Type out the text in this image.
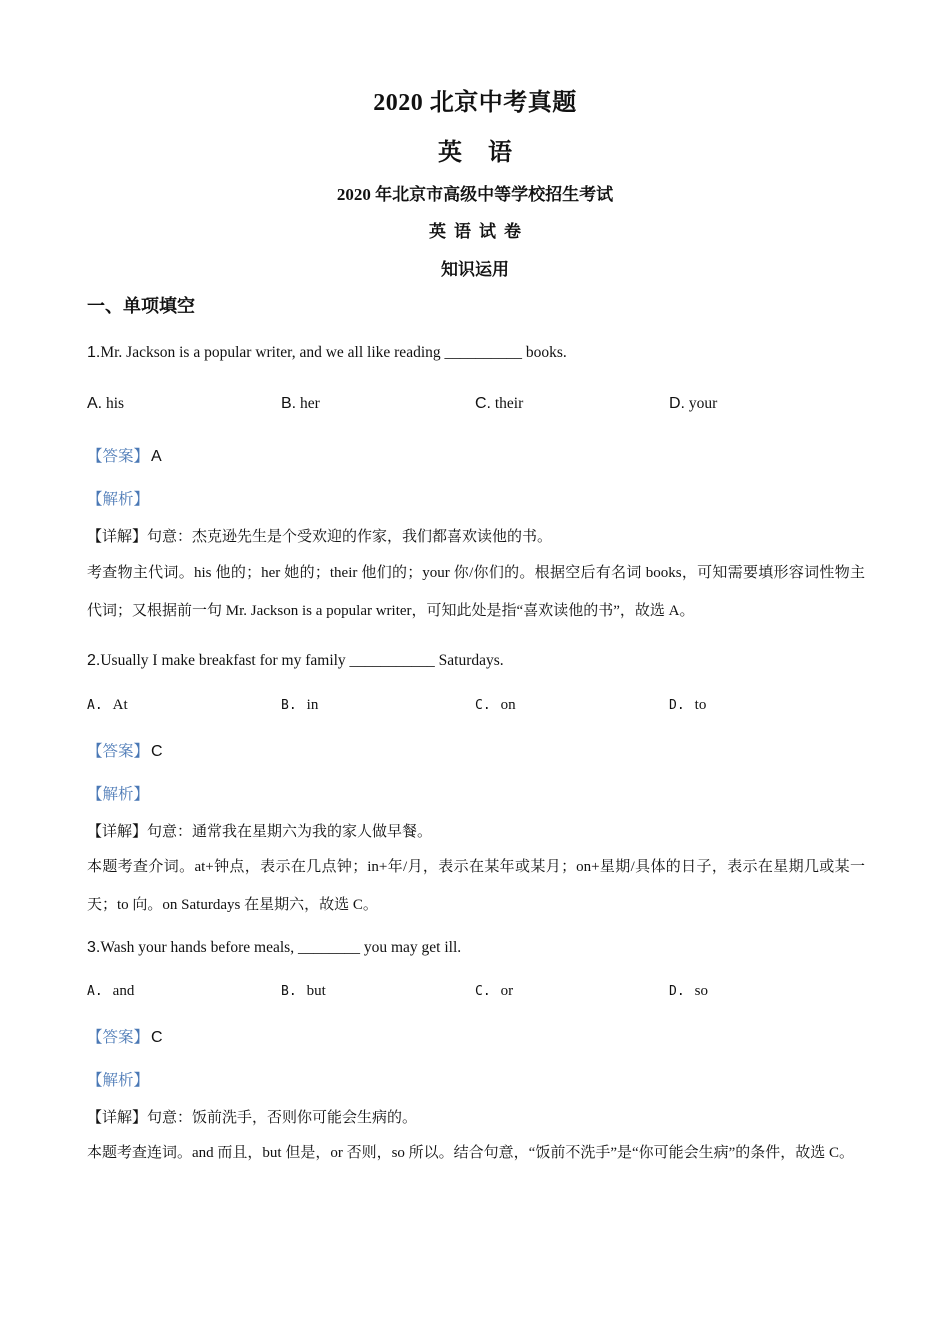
2020 北京中考真题
英语
2020 年北京市高级中等学校招生考试
英语试卷
知识运用
一、单项填空
1.Mr. Jackson is a popular writer, and we all like reading __________ books.
A. his	B. her	C. their	D. your
【答案】 A
【解析】
【详解】句意：杰克逊先生是个受欢迎的作家，我们都喜欢读他的书。
考查物主代词。his 他的；her 她的；their 他们的；your 你/你们的。根据空后有名词 books，可知需要填形容词性物主代词；又根据前一句 Mr. Jackson is a popular writer，可知此处是指“喜欢读他的书”，故选 A。
2.Usually I make breakfast for my family ___________ Saturdays.
A. At	B. in	C. on	D. to
【答案】 C
【解析】
【详解】句意：通常我在星期六为我的家人做早餐。
本题考查介词。at+钟点，表示在几点钟；in+年/月，表示在某年或某月；on+星期/具体的日子，表示在星期几或某一天；to 向。on Saturdays 在星期六，故选 C。
3.Wash your hands before meals, ________ you may get ill.
A. and	B. but	C. or	D. so
【答案】 C
【解析】
【详解】句意：饭前洗手，否则你可能会生病的。
本题考查连词。and 而且，but 但是，or 否则，so 所以。结合句意，“饭前不洗手”是“你可能会生病”的条件，故选 C。
